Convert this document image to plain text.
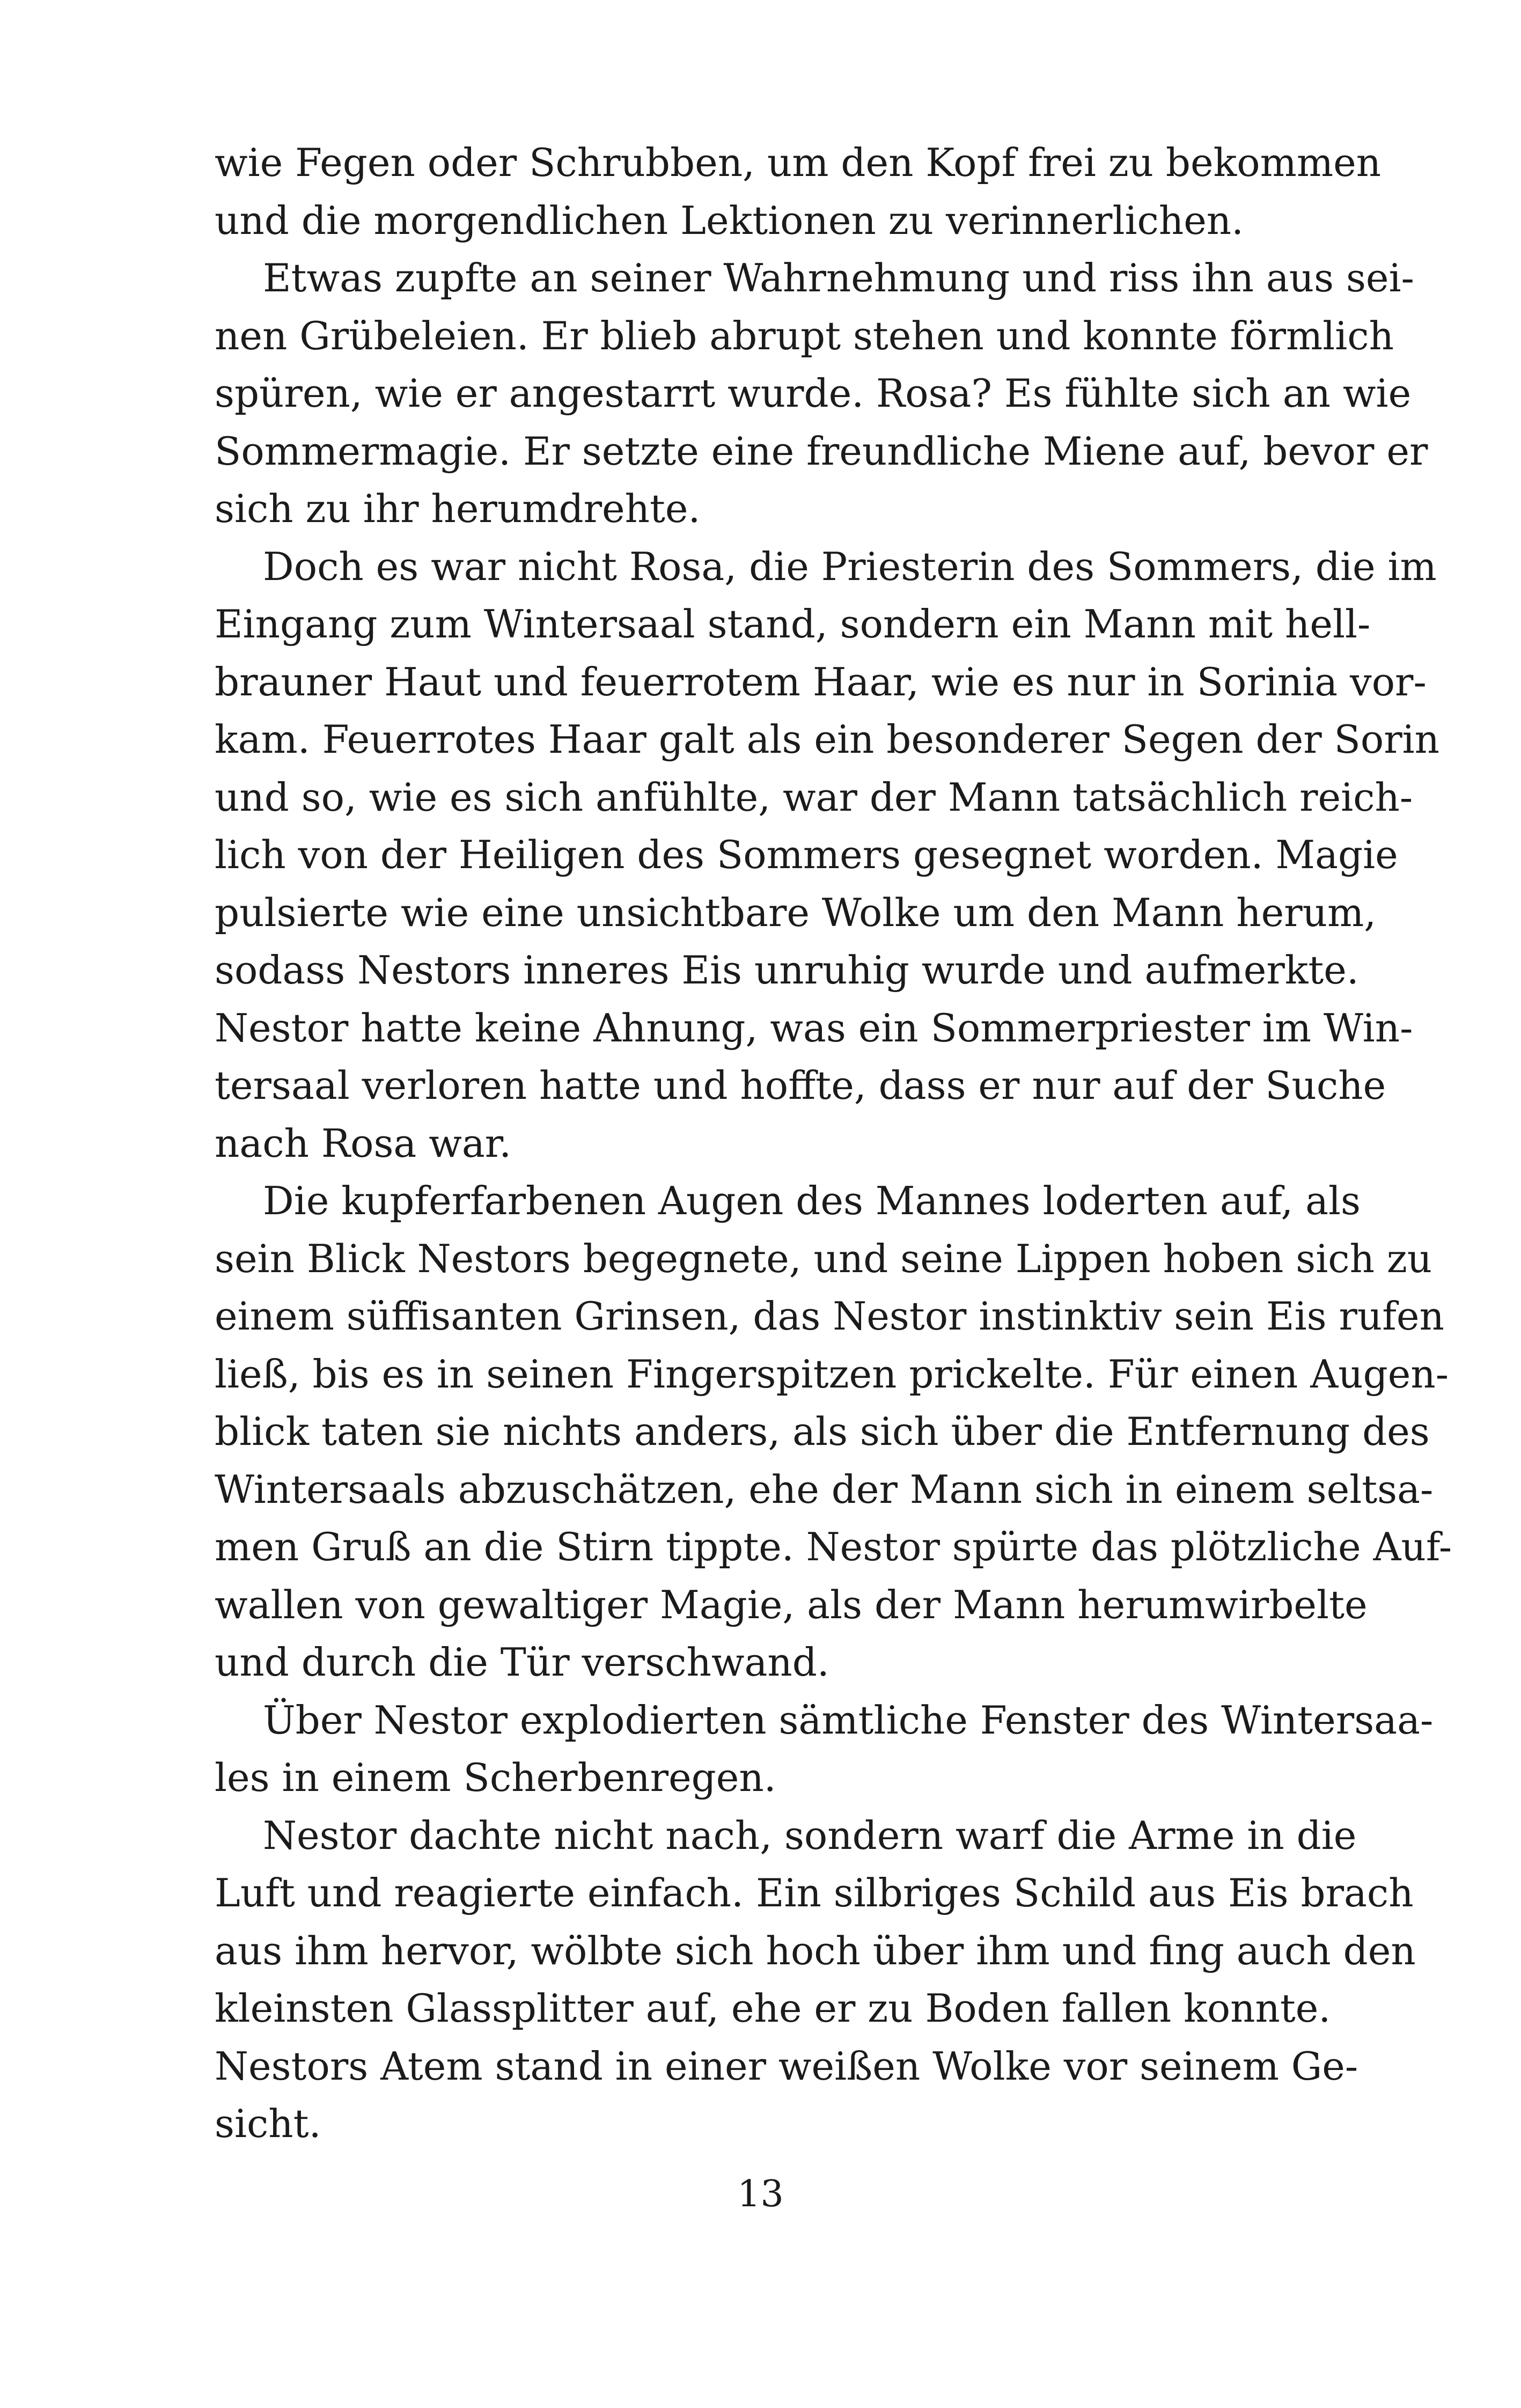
wie Fegen oder Schrubben, um den Kopf frei zu bekommen
und die morgendlichen Lektionen zu verinnerlichen.
Etwas zupfte an seiner Wahrnehmung und riss ihn aus sei-
nen Grübeleien. Er blieb abrupt stehen und konnte förmlich
spüren, wie er angestarrt wurde. Rosa? Es fühlte sich an wie
Sommermagie. Er setzte eine freundliche Miene auf, bevor er
sich zu ihr herumdrehte.
Doch es war nicht Rosa, die Priesterin des Sommers, die im
Eingang zum Wintersaal stand, sondern ein Mann mit hell-
brauner Haut und feuerrotem Haar, wie es nur in Sorinia vor-
kam. Feuerrotes Haar galt als ein besonderer Segen der Sorin
und so, wie es sich anfühlte, war der Mann tatsächlich reich-
lich von der Heiligen des Sommers gesegnet worden. Magie
pulsierte wie eine unsichtbare Wolke um den Mann herum,
sodass Nestors inneres Eis unruhig wurde und aufmerkte.
Nestor hatte keine Ahnung, was ein Sommerpriester im Win-
tersaal verloren hatte und hoffte, dass er nur auf der Suche
nach Rosa war.
Die kupferfarbenen Augen des Mannes loderten auf, als
sein Blick Nestors begegnete, und seine Lippen hoben sich zu
einem süffisanten Grinsen, das Nestor instinktiv sein Eis rufen
ließ, bis es in seinen Fingerspitzen prickelte. Für einen Augen-
blick taten sie nichts anders, als sich über die Entfernung des
Wintersaals abzuschätzen, ehe der Mann sich in einem seltsa-
men Gruß an die Stirn tippte. Nestor spürte das plötzliche Auf-
wallen von gewaltiger Magie, als der Mann herumwirbelte
und durch die Tür verschwand.
Über Nestor explodierten sämtliche Fenster des Wintersaa-
les in einem Scherbenregen.
Nestor dachte nicht nach, sondern warf die Arme in die
Luft und reagierte einfach. Ein silbriges Schild aus Eis brach
aus ihm hervor, wölbte sich hoch über ihm und fing auch den
kleinsten Glassplitter auf, ehe er zu Boden fallen konnte.
Nestors Atem stand in einer weißen Wolke vor seinem Ge-
sicht.
13
